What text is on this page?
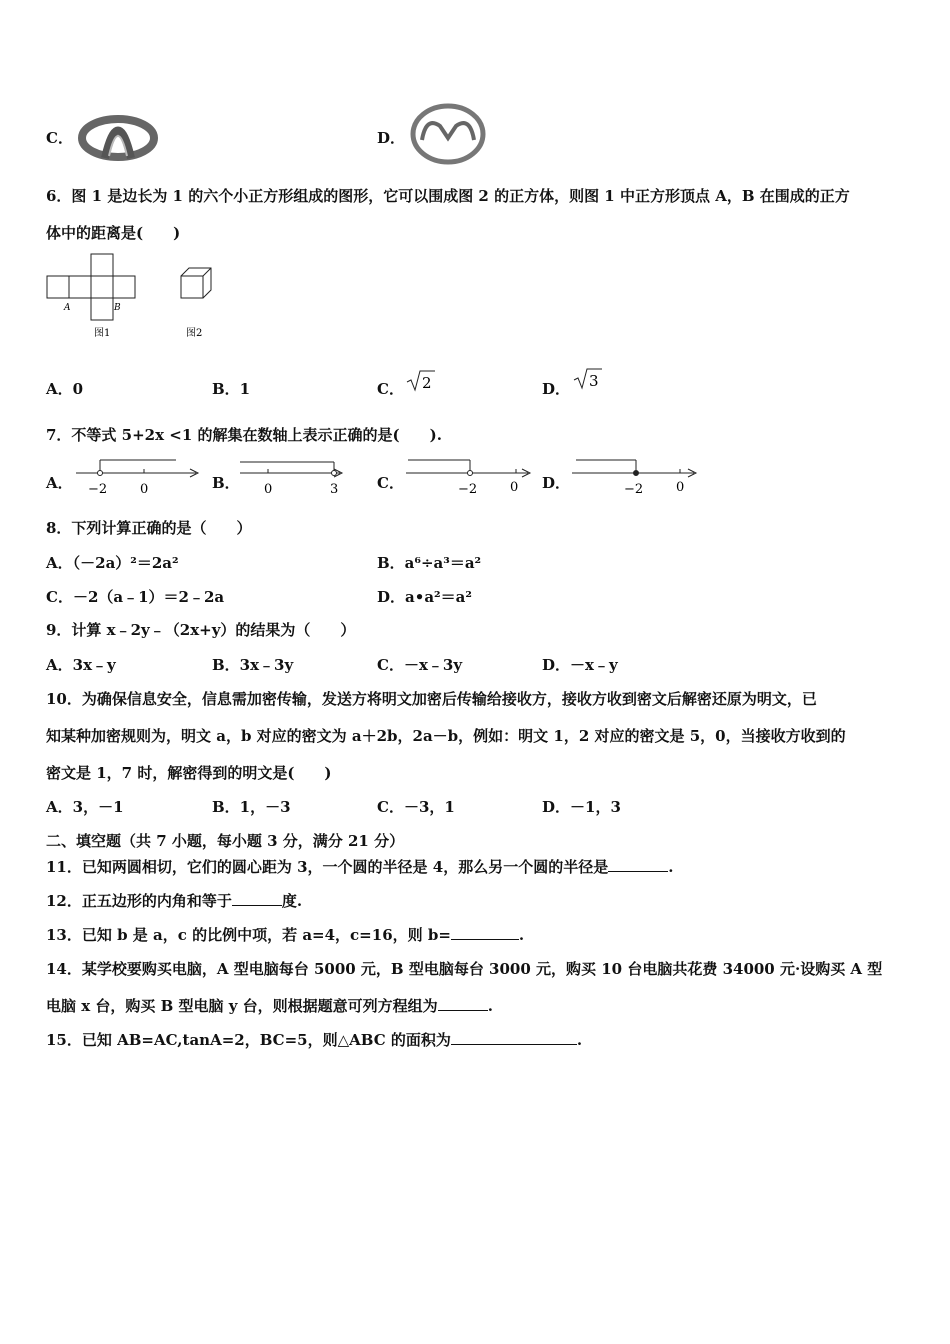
C．	D．
6．图 1 是边长为 1 的六个小正方形组成的图形，它可以围成图 2 的正方体，则图 1 中正方形顶点 A，B 在围成的正方
体中的距离是(　　)
A	B
图1	图2
A．0	B．1	C． 2	D． 3
7．不等式 5+2x <1 的解集在数轴上表示正确的是(　　).
A． −2	0	B． 0	3	C．	−2	0 D．	−2	0
8．下列计算正确的是（　　）
A．（－2a）²＝2a²	B．a⁶÷a³＝a²
C．－2（a﹣1）＝2﹣2a	D．a•a²＝a²
9．计算 x﹣2y﹣（2x+y）的结果为（　　）
A．3x﹣y	B．3x﹣3y	C．－x﹣3y	D．－x﹣y
10．为确保信息安全，信息需加密传输，发送方将明文加密后传输给接收方，接收方收到密文后解密还原为明文，已
知某种加密规则为，明文 a，b 对应的密文为 a＋2b，2a－b，例如：明文 1，2 对应的密文是 5，0，当接收方收到的
密文是 1，7 时，解密得到的明文是(　　)
A．3，－1	B．1，－3	C．－3，1	D．－1，3
二、填空题（共 7 小题，每小题 3 分，满分 21 分）
11．已知两圆相切，它们的圆心距为 3，一个圆的半径是 4，那么另一个圆的半径是	.
12．正五边形的内角和等于	度.
13．已知 b 是 a，c 的比例中项，若 a=4，c=16，则 b=	.
14．某学校要购买电脑，A 型电脑每台 5000 元，B 型电脑每台 3000 元，购买 10 台电脑共花费 34000 元·设购买 A 型
电脑 x 台，购买 B 型电脑 y 台，则根据题意可列方程组为	.
15．已知 AB=AC,tanA=2，BC=5，则△ABC 的面积为	.
